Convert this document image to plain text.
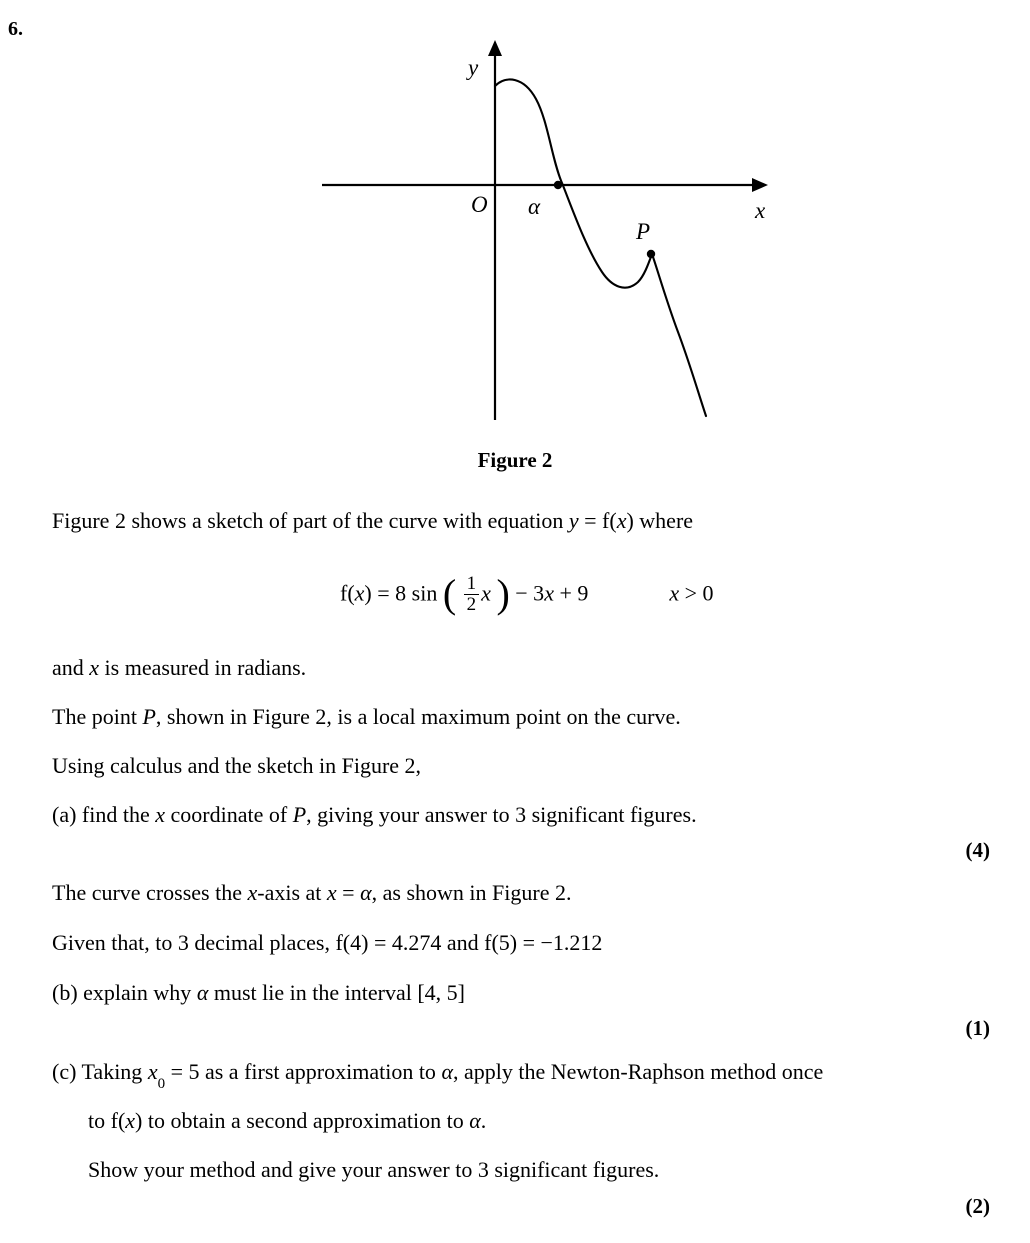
6.
y
x
O α
P
Figure 2
Figure 2 shows a sketch of part of the curve with equation y = f(x) where
f(x) = 8 sin ( $\frac{1}{2}$ x ) − 3x + 9	x > 0
and x is measured in radians.
The point P, shown in Figure 2, is a local maximum point on the curve.
Using calculus and the sketch in Figure 2,
(a) find the x coordinate of P, giving your answer to 3 significant figures.
(4)
The curve crosses the x-axis at x = α, as shown in Figure 2.
Given that, to 3 decimal places, f(4) = 4.274 and f(5) = −1.212
(b) explain why α must lie in the interval [4, 5]
(1)
(c) Taking $x_0 = 5$ as a first approximation to α, apply the Newton-Raphson method once
to f(x) to obtain a second approximation to α.
Show your method and give your answer to 3 significant figures.
(2)
